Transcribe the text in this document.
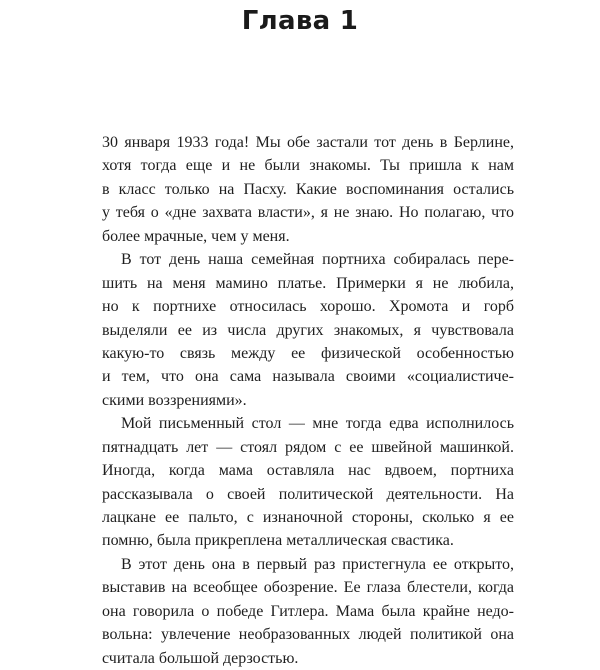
Глава 1
30 января 1933 года! Мы обе застали тот день в Берлине,
хотя тогда еще и не были знакомы. Ты пришла к нам
в класс только на Пасху. Какие воспоминания остались
у тебя о «дне захвата власти», я не знаю. Но полагаю, что
более мрачные, чем у меня.
В тот день наша семейная портниха собиралась пере-
шить на меня мамино платье. Примерки я не любила,
но к портнихе относилась хорошо. Хромота и горб
выделяли ее из числа других знакомых, я чувствовала
какую-то связь между ее физической особенностью
и тем, что она сама называла своими «социалистиче-
скими воззрениями».
Мой письменный стол — мне тогда едва исполнилось
пятнадцать лет — стоял рядом с ее швейной машинкой.
Иногда, когда мама оставляла нас вдвоем, портниха
рассказывала о своей политической деятельности. На
лацкане ее пальто, с изнаночной стороны, сколько я ее
помню, была прикреплена металлическая свастика.
В этот день она в первый раз пристегнула ее открыто,
выставив на всеобщее обозрение. Ее глаза блестели, когда
она говорила о победе Гитлера. Мама была крайне недо-
вольна: увлечение необразованных людей политикой она
считала большой дерзостью.
